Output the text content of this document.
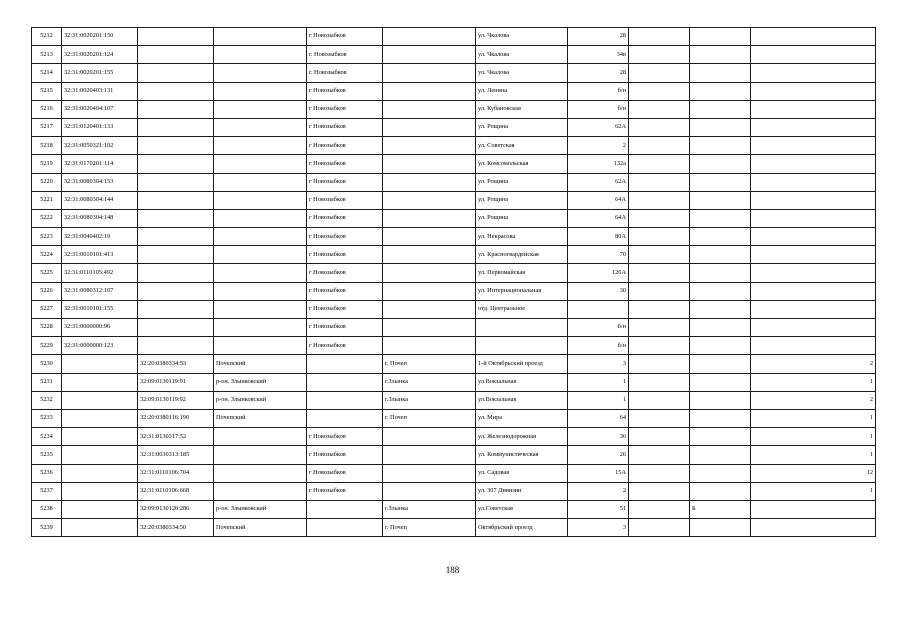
5212	32:31:0020201:150			г Новозыбков		ул. Чкалова	28			
5213	32:31:0020201:124			г. Новозыбков		ул. Чкалова	34в			
5214	32:31:0020201:155			г. Новозыбков		ул. Чкалова	28			
5215	32:31:0020403:131			г Новозыбков		ул. Ленина	б/н			
5216	32:31:0020404:107			г Новозыбков		ул. Кубановская	б/н			
5217	32:31:0120401:133			г Новозыбков		ул. Рощина	62А			
5218	32:31:0050321:102			г Новозыбков		ул. Советская	2			
5219	32:31:0170201:114			г Новозыбков		ул. Комсомольская	132а			
5220	32:31:0080304:153			г Новозыбков		ул. Рощина	62А			
5221	32:31:0080304:144			г Новозыбков		ул. Рощина	64А			
5222	32:31:0080304:148			г Новозыбков		ул. Рощина	64А			
5223	32:31:0040402:19			г Новозыбков		ул. Некрасова	80А			
5224	32:31:0010101:413			г Новозыбков		ул. Красногвардейская	70			
5225	32:31:0110105:492			г Новозыбков		ул. Первомайская	126А			
5226	32:31:0080312:107			г Новозыбков		ул. Интернациональная	30			
5227	32:31:0010101:155			г Новозыбков		отд. Центральное				
5228	32:31:0000000:96			г Новозыбков			б/н			
5229	32:31:0000000:123			г Новозыбков			б/н			
5230		32:20:0380334:53	Почепский		г. Почеп	1-й Октябрьский проезд	3			2
5231		32:09:0130119:91	р-он. Злынковский		г.Злынка	ул.Вокзальная	1			1
5232		32:09:0130119:92	р-он. Злынковский		г.Злынка	ул.Вокзальная	1			2
5233		32:20:0380116:190	Почепский		г. Почеп	ул. Мира	64			1
5234		32:31:0130317:52		г Новозыбков		ул. Железнодорожная	36			1
5235		32:31:0030313:185		г Новозыбков		ул. Коммунистическая	26			1
5236		32:31:0110106:704		г Новозыбков		ул. Садовая	15А			12
5237		32:31:0110106:668		г Новозыбков		ул. 307 Дивизии	2			1
5238		32:09:0130120:286	р-он. Злынковский		г.Злынка	ул.Советская	51		Б	
5239		32:20:0380334:50	Почепский		г. Почеп	Октябрьский проезд	3			
188
